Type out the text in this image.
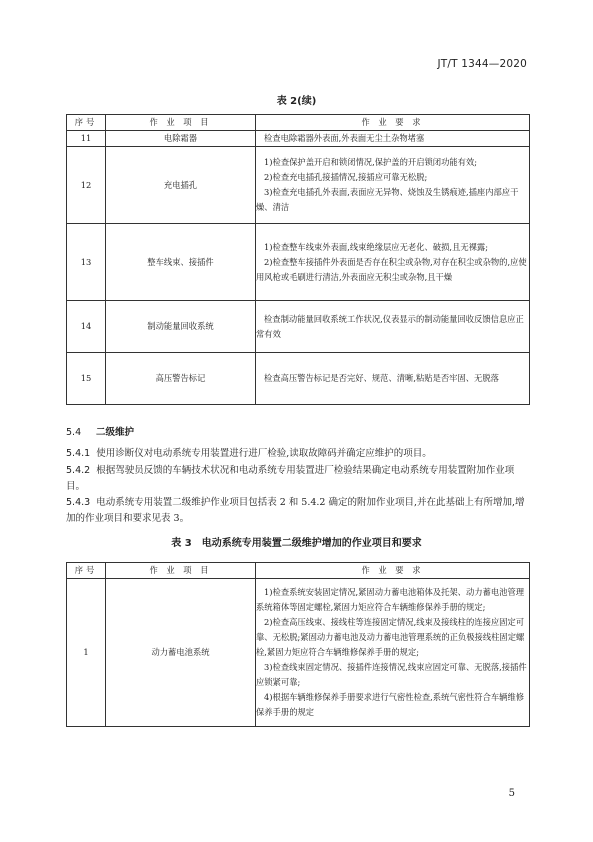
JT/T 1344—2020
表 2(续)
序号	作 业 项 目	作 业 要 求
11	电除霜器	检查电除霜器外表面,外表面无尘土杂物堵塞

12	充电插孔	1)检查保护盖开启和锁闭情况,保护盖的开启锁闭功能有效;

2)检查充电插孔接插情况,接插应可靠无松脱;

3)检查充电插孔外表面,表面应无异物、烧蚀及生锈痕迹,插座内部应干燥、清洁

13	整车线束、接插件	1)检查整车线束外表面,线束绝缘层应无老化、破损,且无裸露;

2)检查整车接插件外表面是否存在积尘或杂物,对存在积尘或杂物的,应使用风枪或毛刷进行清洁,外表面应无积尘或杂物,且干燥

14	制动能量回收系统	检查制动能量回收系统工作状况,仪表显示的制动能量回收反馈信息应正常有效

15	高压警告标记	检查高压警告标记是否完好、规范、清晰,粘贴是否牢固、无脱落

5.4 二级维护
5.4.1 使用诊断仪对电动系统专用装置进行进厂检验,读取故障码并确定应维护的项目。
5.4.2 根据驾驶员反馈的车辆技术状况和电动系统专用装置进厂检验结果确定电动系统专用装置附加作业项目。
5.4.3 电动系统专用装置二级维护作业项目包括表 2 和 5.4.2 确定的附加作业项目,并在此基础上有所增加,增加的作业项目和要求见表 3。
表 3　电动系统专用装置二级维护增加的作业项目和要求
序号	作 业 项 目	作 业 要 求
1	动力蓄电池系统	1)检查系统安装固定情况,紧固动力蓄电池箱体及托架、动力蓄电池管理系统箱体等固定螺栓,紧固力矩应符合车辆维修保养手册的规定;

2)检查高压线束、接线柱等连接固定情况,线束及接线柱的连接应固定可靠、无松脱;紧固动力蓄电池及动力蓄电池管理系统的正负极接线柱固定螺栓,紧固力矩应符合车辆维修保养手册的规定;

3)检查线束固定情况、接插件连接情况,线束应固定可靠、无脱落,接插件应锁紧可靠;

4)根据车辆维修保养手册要求进行气密性检查,系统气密性符合车辆维修保养手册的规定

5
